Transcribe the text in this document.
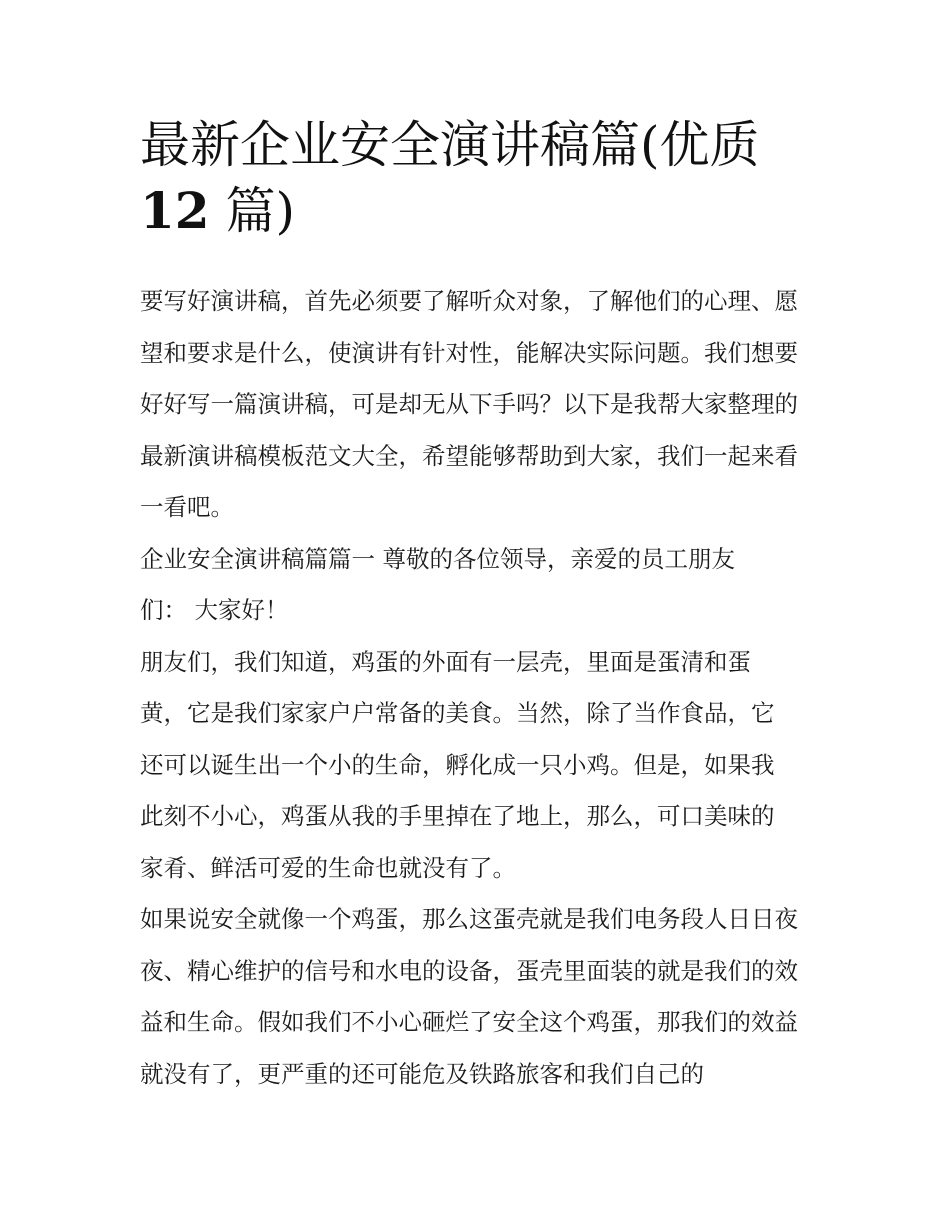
最新企业安全演讲稿篇(优质
12 篇)

要写好演讲稿，首先必须要了解听众对象，了解他们的心理、愿望和要求是什么，使演讲有针对性，能解决实际问题。我们想要好好写一篇演讲稿，可是却无从下手吗？以下是我帮大家整理的最新演讲稿模板范文大全，希望能够帮助到大家，我们一起来看一看吧。

企业安全演讲稿篇篇一 尊敬的各位领导，亲爱的员工朋友们： 大家好！

朋友们，我们知道，鸡蛋的外面有一层壳，里面是蛋清和蛋黄，它是我们家家户户常备的美食。当然，除了当作食品，它还可以诞生出一个小的生命，孵化成一只小鸡。但是，如果我此刻不小心，鸡蛋从我的手里掉在了地上，那么，可口美味的家肴、鲜活可爱的生命也就没有了。

如果说安全就像一个鸡蛋，那么这蛋壳就是我们电务段人日日夜夜、精心维护的信号和水电的设备，蛋壳里面装的就是我们的效益和生命。假如我们不小心砸烂了安全这个鸡蛋，那我们的效益就没有了，更严重的还可能危及铁路旅客和我们自己的
